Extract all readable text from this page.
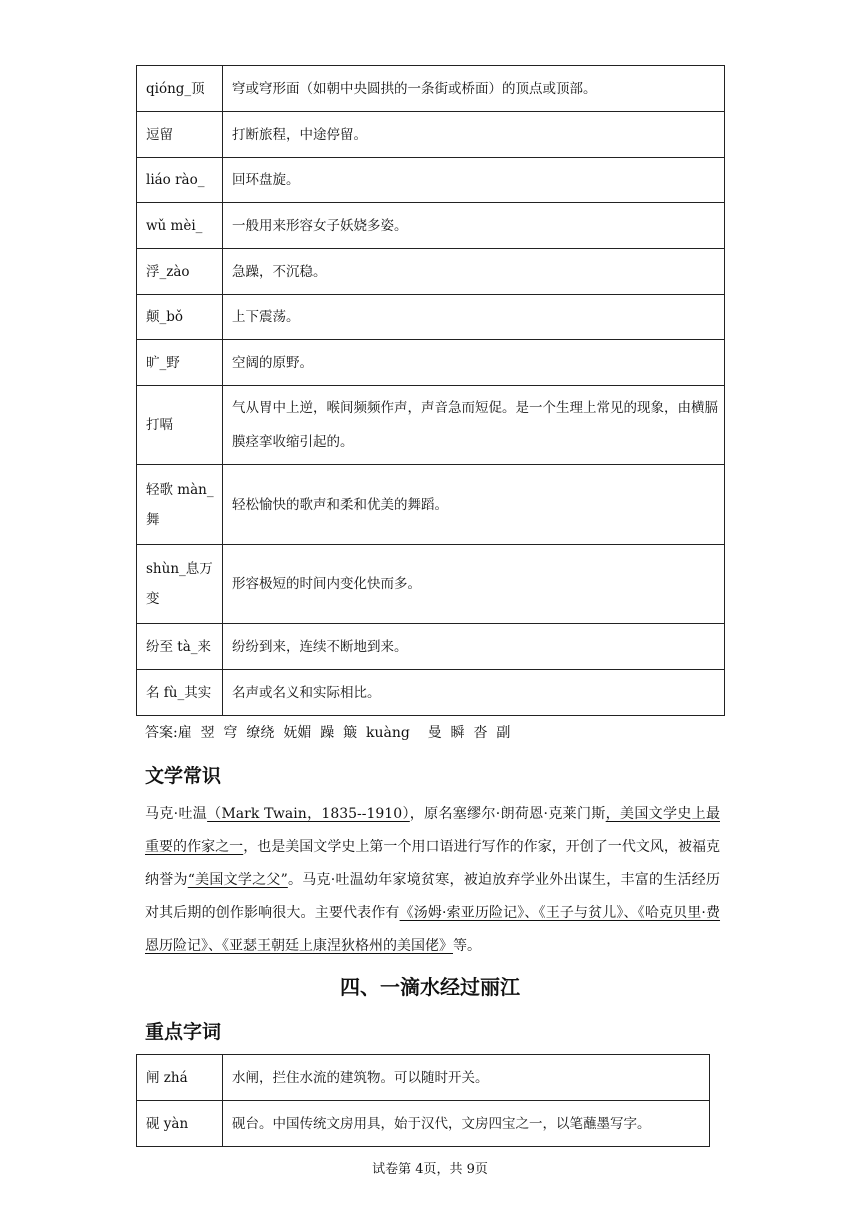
qióng_顶	穹或穹形面（如朝中央圆拱的一条街或桥面）的顶点或顶部。
逗留	打断旅程，中途停留。
liáo rào_	回环盘旋。
wǔ mèi_	一般用来形容女子妖娆多姿。
浮_zào	急躁，不沉稳。
颠_bǒ	上下震荡。
旷_野	空阔的原野。
打嗝	气从胃中上逆，喉间频频作声，声音急而短促。是一个生理上常见的现象，由横膈膜痉挛收缩引起的。
轻歌 màn_舞	轻松愉快的歌声和柔和优美的舞蹈。
shùn_息万变	形容极短的时间内变化快而多。
纷至 tà_来	纷纷到来，连续不断地到来。
名 fù_其实	名声或名义和实际相比。
答案:雇  翌  穹  缭绕  妩媚  躁  簸  kuàng    曼  瞬  沓  副
文学常识
马克·吐温（Mark Twain，1835--1910），原名塞缪尔·朗荷恩·克莱门斯，美国文学史上最重要的作家之一，也是美国文学史上第一个用口语进行写作的作家，开创了一代文风，被福克纳誉为“美国文学之父”。马克·吐温幼年家境贫寒，被迫放弃学业外出谋生，丰富的生活经历对其后期的创作影响很大。主要代表作有《汤姆·索亚历险记》、《王子与贫儿》、《哈克贝里·费恩历险记》、《亚瑟王朝廷上康涅狄格州的美国佬》等。
四、一滴水经过丽江
重点字词
闸 zhá	水闸，拦住水流的建筑物。可以随时开关。
砚 yàn	砚台。中国传统文房用具，始于汉代，文房四宝之一，以笔蘸墨写字。
试卷第 4页，共 9页
